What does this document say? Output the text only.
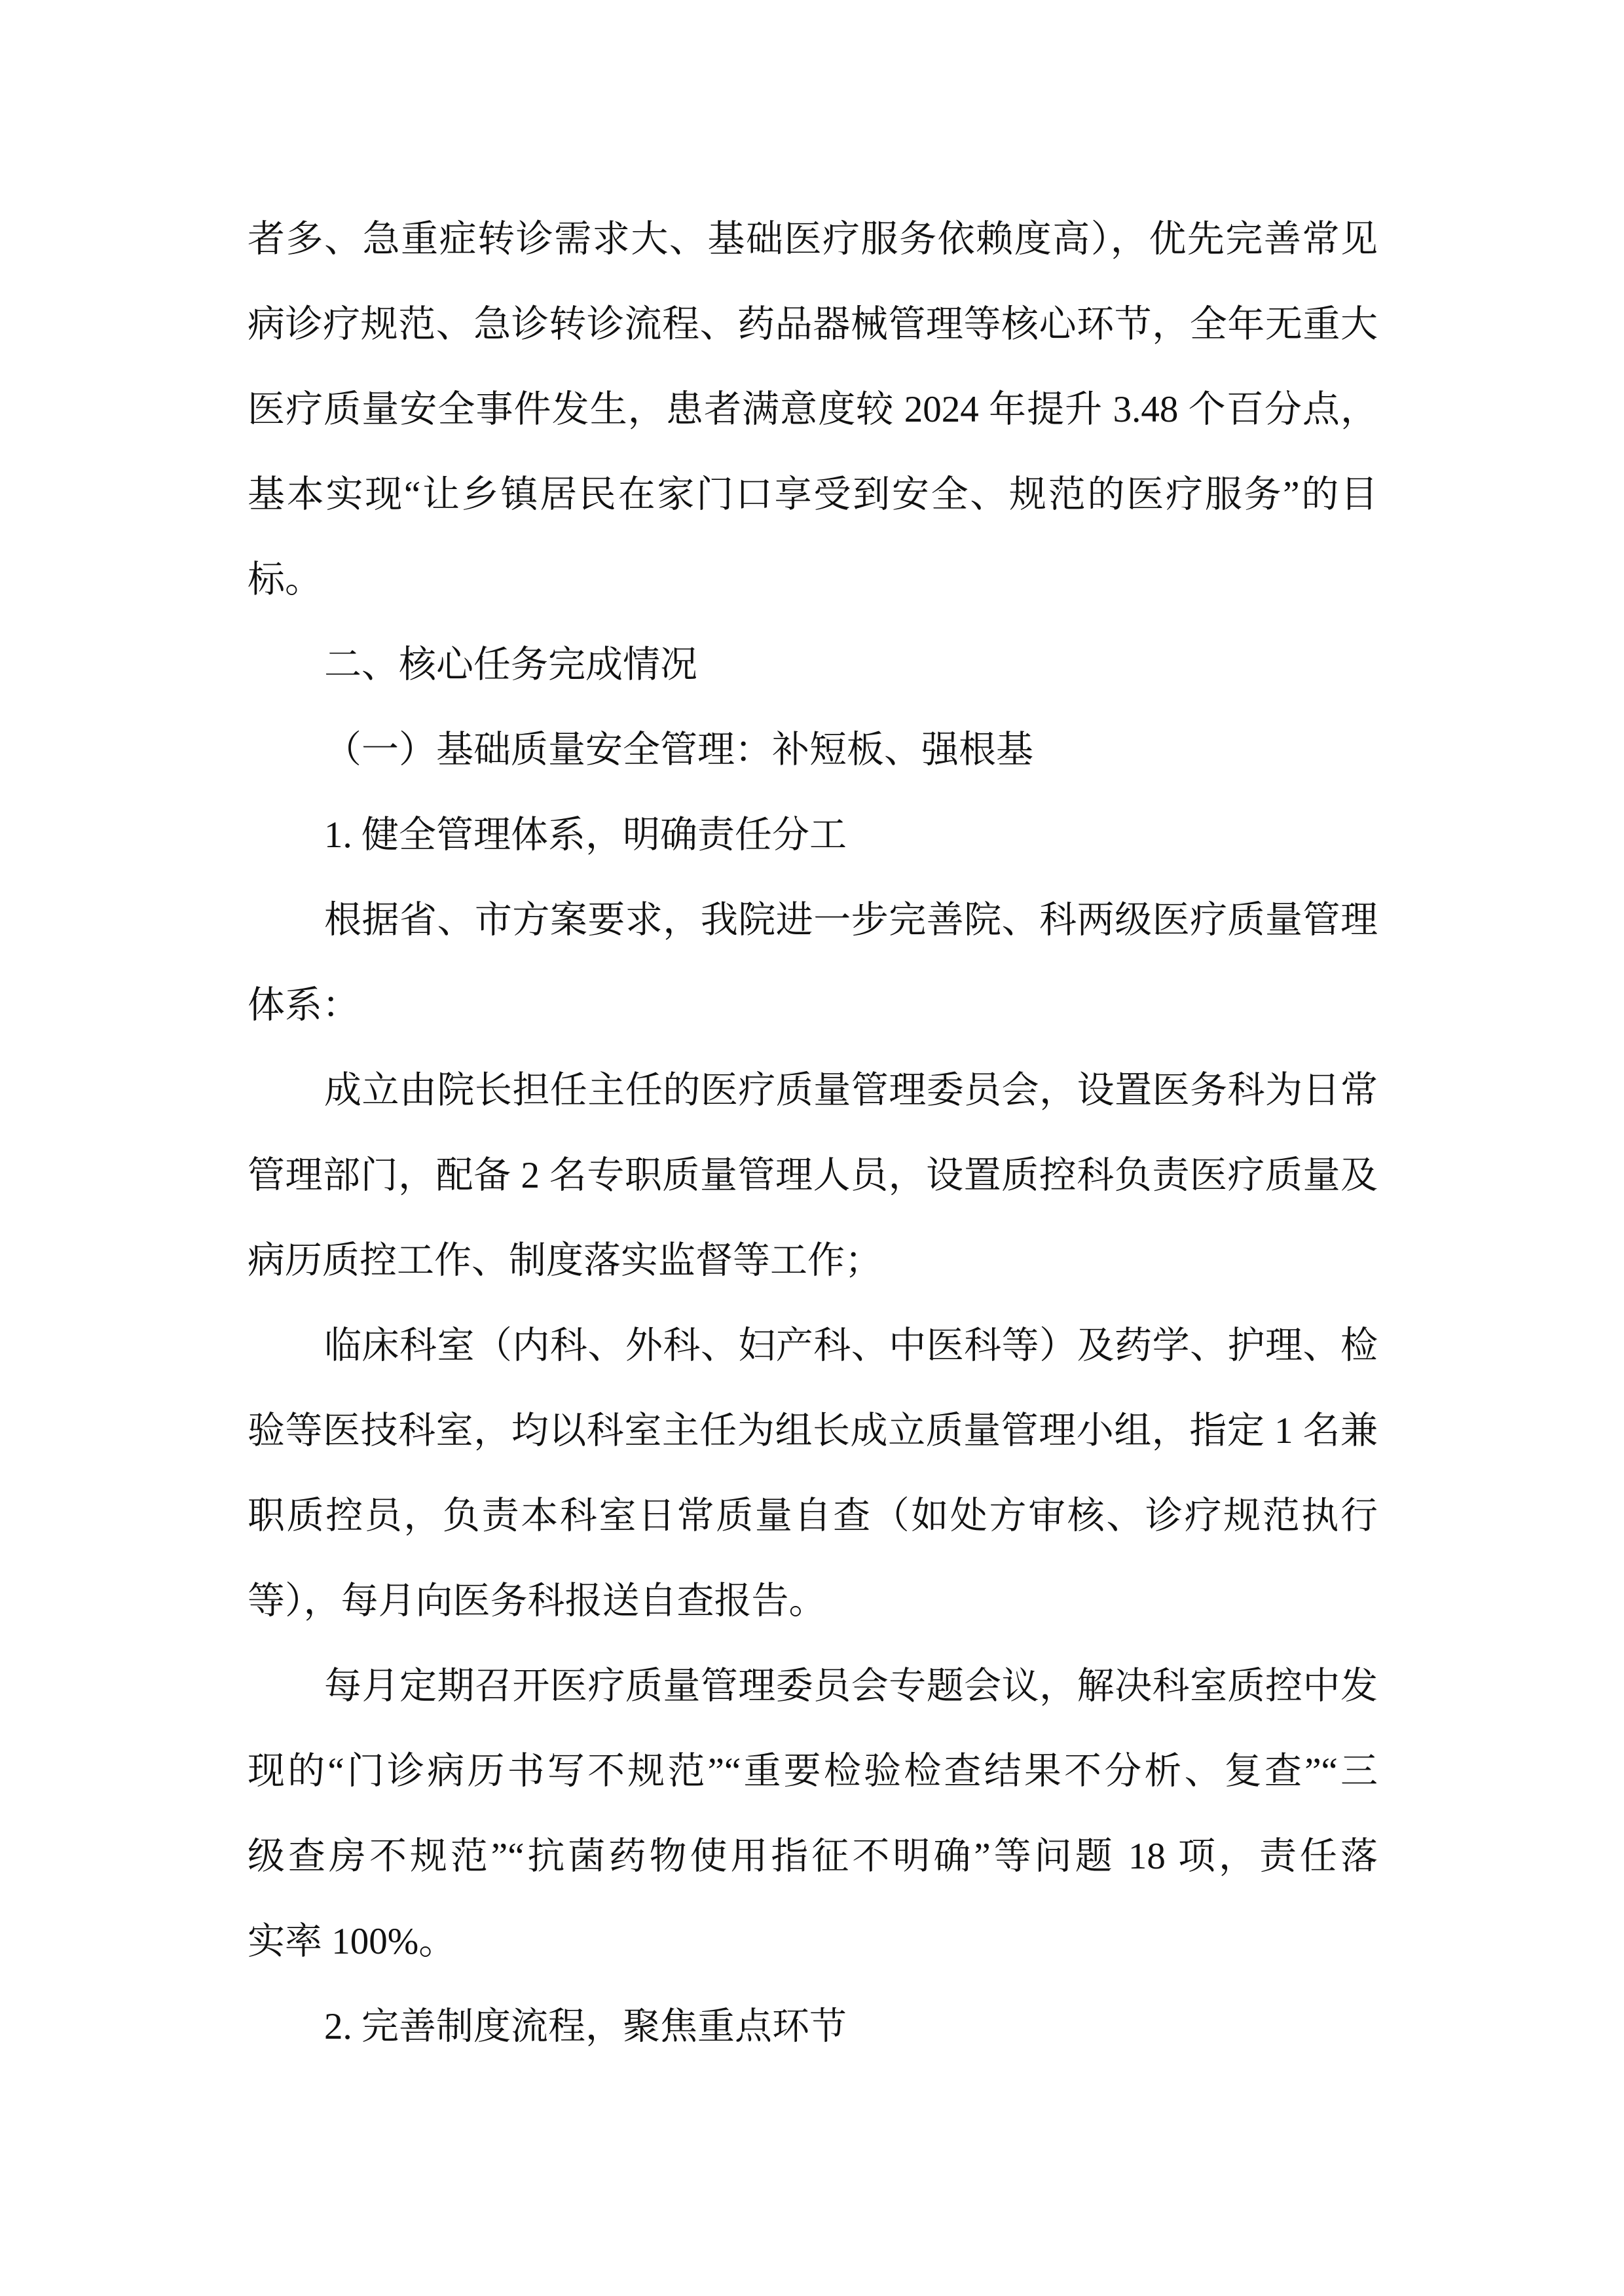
者多、急重症转诊需求大、基础医疗服务依赖度高），优先完善常见
病诊疗规范、急诊转诊流程、药品器械管理等核心环节，全年无重大
医疗质量安全事件发生，患者满意度较 2024 年提升 3.48 个百分点，
基本实现“让乡镇居民在家门口享受到安全、规范的医疗服务”的目
标。
二、核心任务完成情况
（一）基础质量安全管理：补短板、强根基
1. 健全管理体系，明确责任分工
根据省、市方案要求，我院进一步完善院、科两级医疗质量管理
体系：
成立由院长担任主任的医疗质量管理委员会，设置医务科为日常
管理部门，配备 2 名专职质量管理人员，设置质控科负责医疗质量及
病历质控工作、制度落实监督等工作；
临床科室（内科、外科、妇产科、中医科等）及药学、护理、检
验等医技科室，均以科室主任为组长成立质量管理小组，指定 1 名兼
职质控员，负责本科室日常质量自查（如处方审核、诊疗规范执行
等），每月向医务科报送自查报告。
每月定期召开医疗质量管理委员会专题会议，解决科室质控中发
现的“门诊病历书写不规范”“重要检验检查结果不分析、复查”“三
级查房不规范”“抗菌药物使用指征不明确”等问题 18 项，责任落
实率 100%。
2. 完善制度流程，聚焦重点环节
